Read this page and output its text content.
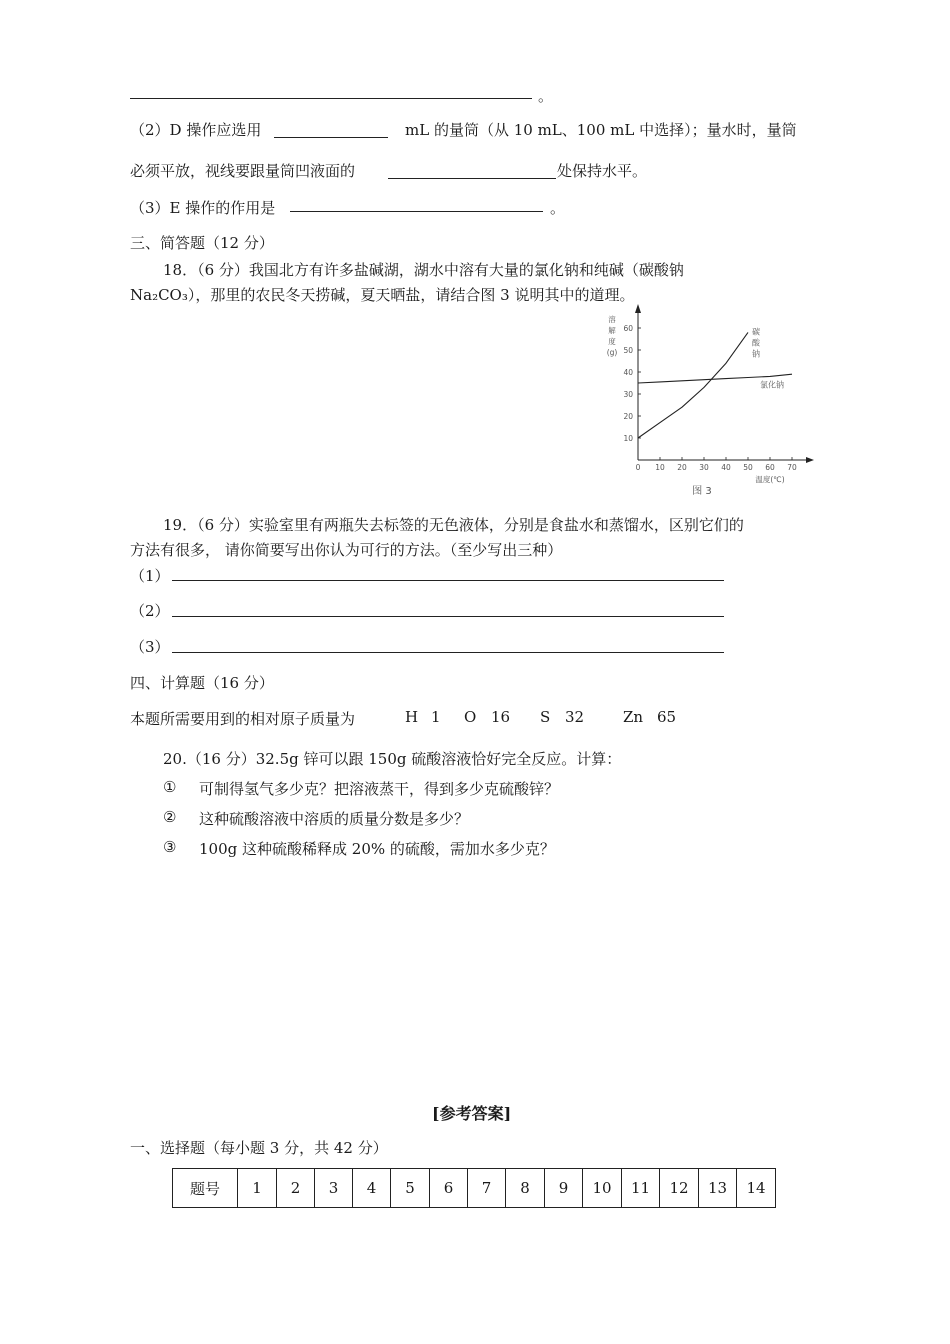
。
（2）D 操作应选用	mL 的量筒（从 10 mL、100 mL 中选择）；量水时，量筒
必须平放，视线要跟量筒凹液面的	处保持水平。
（3）E 操作的作用是	。
三、简答题（12 分）
18．（6 分）我国北方有许多盐碱湖，湖水中溶有大量的氯化钠和纯碱（碳酸钠
Na₂CO₃），那里的农民冬天捞碱，夏天晒盐，请结合图 3 说明其中的道理。
0 10 20 30 40 50 60 70
10
20
30
40
50
60	碳酸钠
氯化钠
溶解度(g)
温度(℃)
图 3
19．（6 分）实验室里有两瓶失去标签的无色液体，分别是食盐水和蒸馏水，区别它们的
方法有很多， 请你简要写出你认为可行的方法。（至少写出三种）
（1）
（2）
（3）
四、计算题（16 分）
本题所需要用到的相对原子质量为	H 1 O 16 S 32	Zn 65
20.（16 分）32.5g 锌可以跟 150g 硫酸溶液恰好完全反应。计算：
① 可制得氢气多少克？把溶液蒸干，得到多少克硫酸锌？
② 这种硫酸溶液中溶质的质量分数是多少？
③ 100g 这种硫酸稀释成 20% 的硫酸，需加水多少克？
[参考答案]
一、选择题（每小题 3 分，共 42 分）
题号	1	2	3	4	5	6	7	8	9	10	11	12	13	14
